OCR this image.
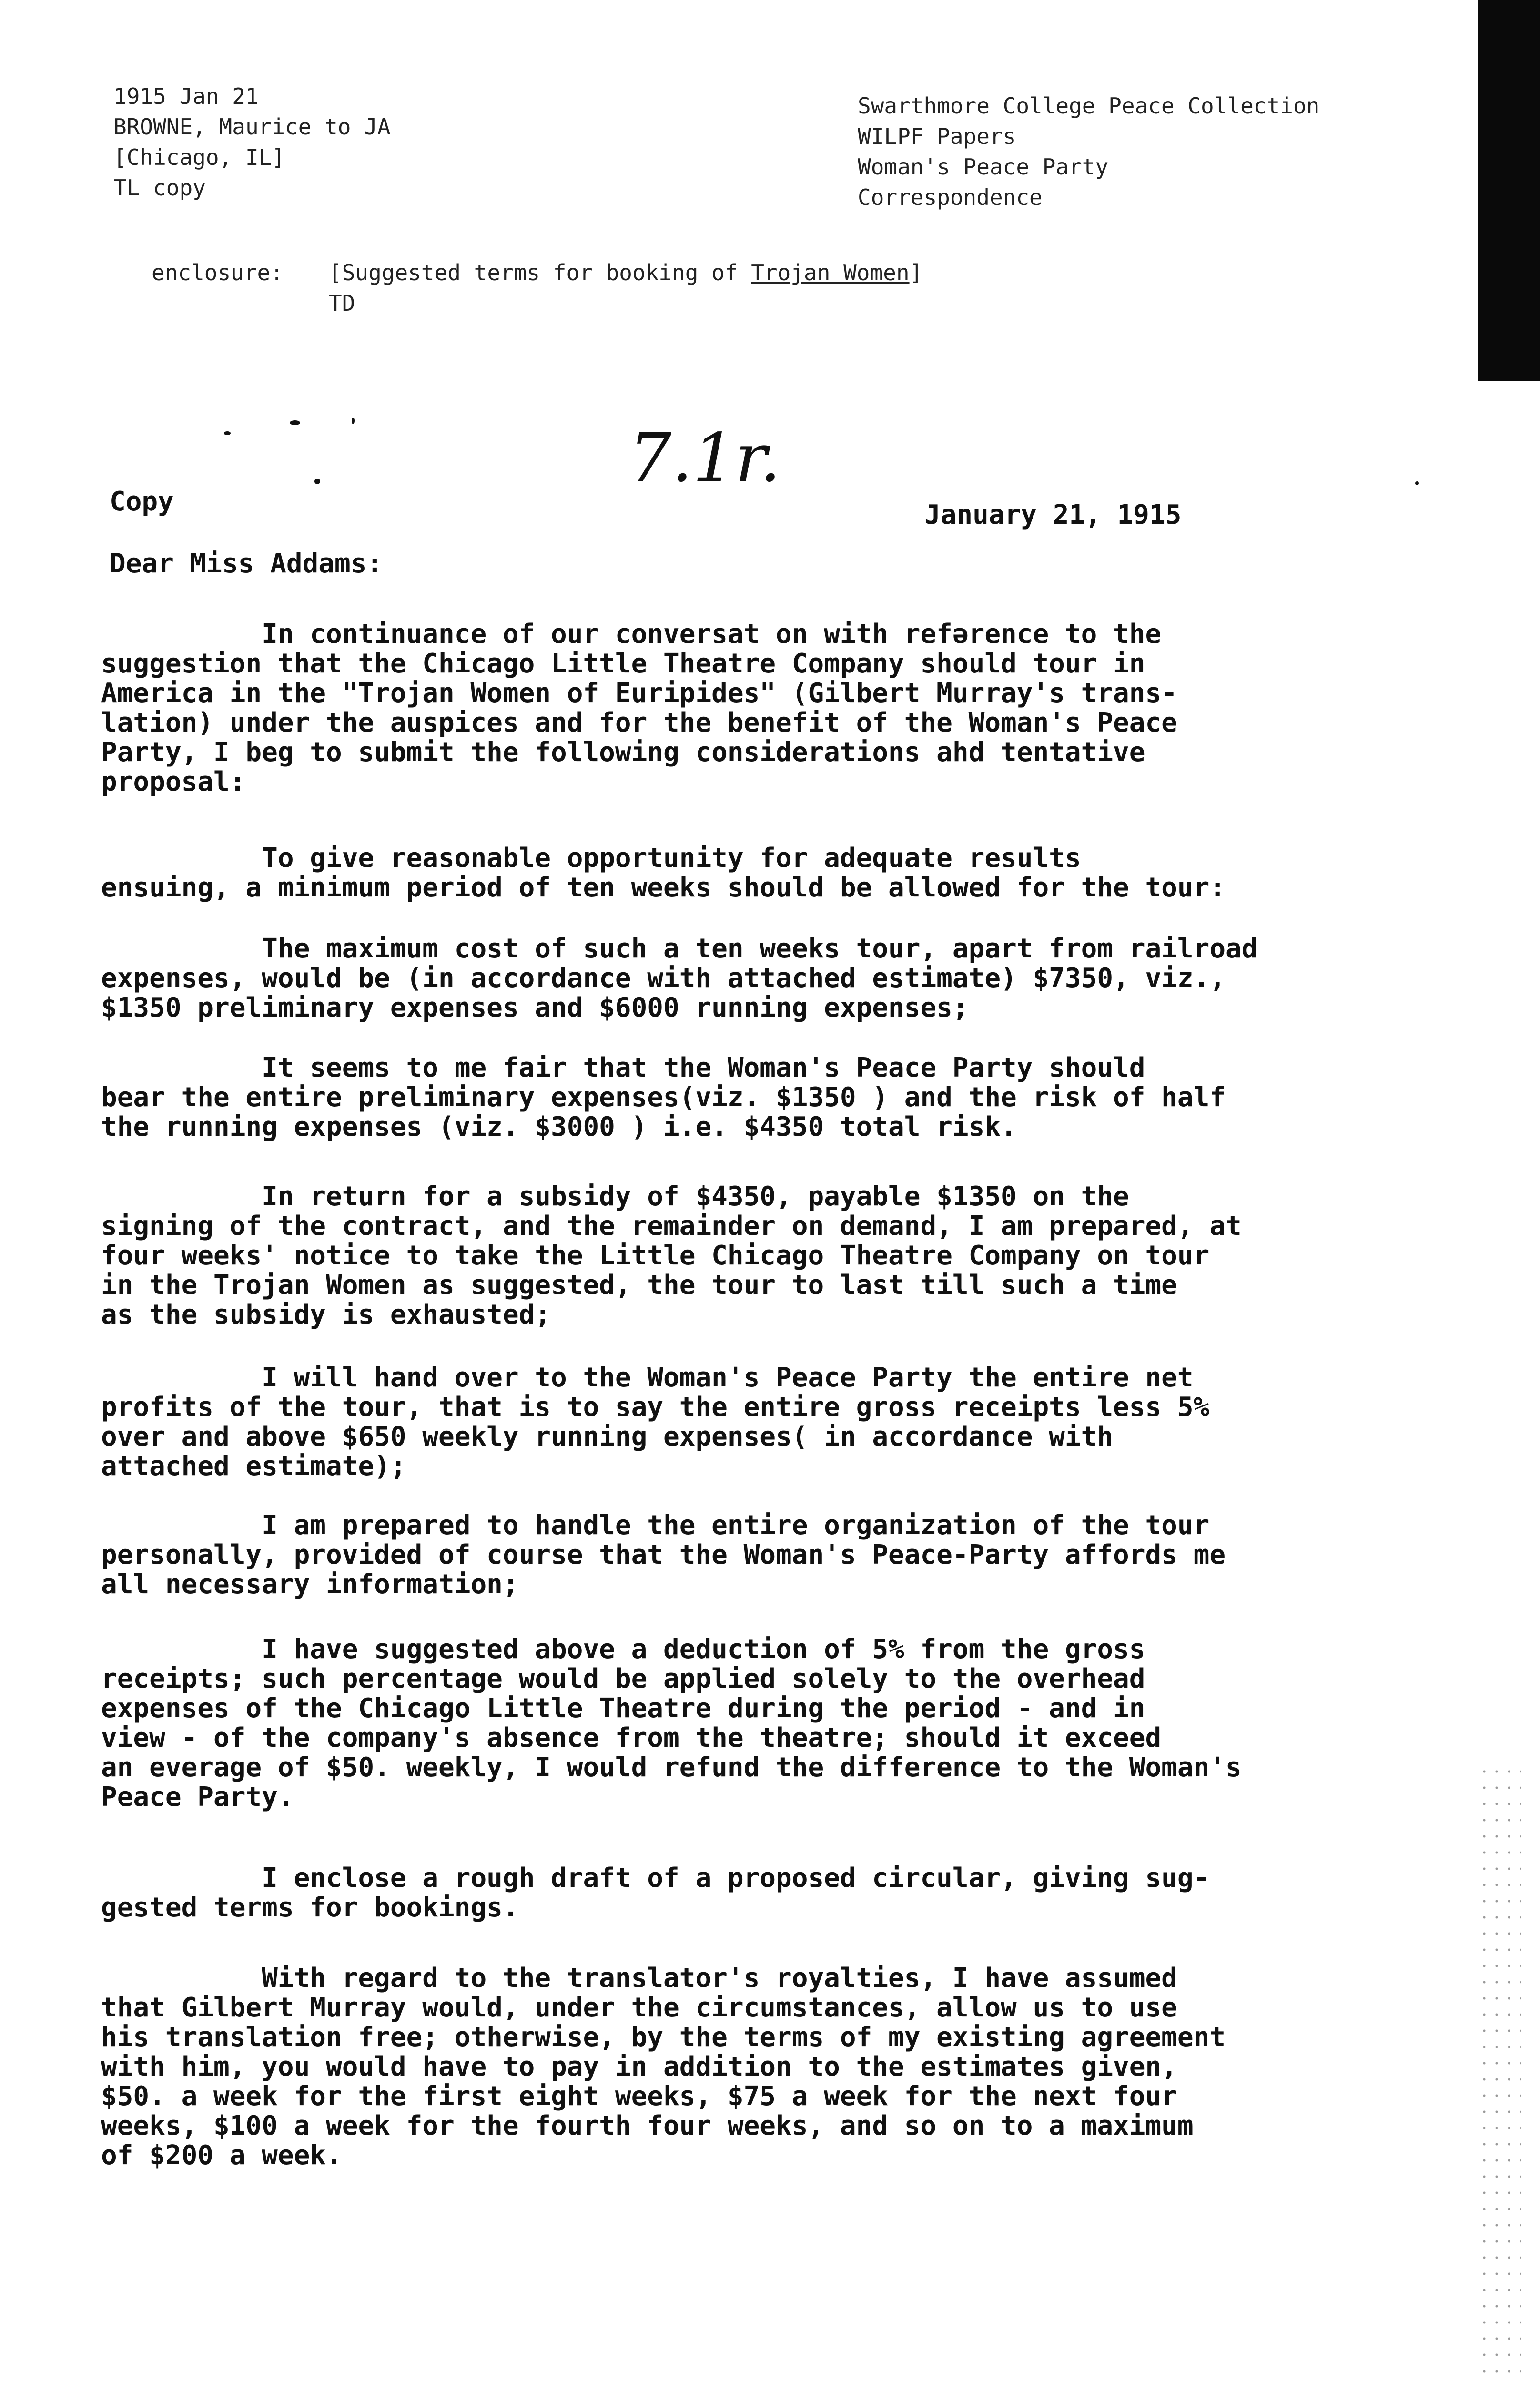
1915 Jan 21
BROWNE, Maurice to JA
[Chicago, IL]
TL copy
Swarthmore College Peace Collection
WILPF Papers
Woman's Peace Party
Correspondence
enclosure:	[Suggested terms for booking of Trojan Women]
TD
7.1r.
Copy	January 21, 1915
Dear Miss Addams:
In continuance of our conversat on with refərence to the
suggestion that the Chicago Little Theatre Company should tour in
America in the "Trojan Women of Euripides" (Gilbert Murray's trans-
lation) under the auspices and for the benefit of the Woman's Peace
Party, I beg to submit the following considerations ahd tentative
proposal:
To give reasonable opportunity for adequate results
ensuing, a minimum period of ten weeks should be allowed for the tour:
The maximum cost of such a ten weeks tour, apart from railroad
expenses, would be (in accordance with attached estimate) $7350, viz.,
$1350 preliminary expenses and $6000 running expenses;
It seems to me fair that the Woman's Peace Party should
bear the entire preliminary expenses(viz. $1350 ) and the risk of half
the running expenses (viz. $3000 ) i.e. $4350 total risk.
In return for a subsidy of $4350, payable $1350 on the
signing of the contract, and the remainder on demand, I am prepared, at
four weeks' notice to take the Little Chicago Theatre Company on tour
in the Trojan Women as suggested, the tour to last till such a time
as the subsidy is exhausted;
I will hand over to the Woman's Peace Party the entire net
profits of the tour, that is to say the entire gross receipts less 5%
over and above $650 weekly running expenses( in accordance with
attached estimate);
I am prepared to handle the entire organization of the tour
personally, provided of course that the Woman's Peace-Party affords me
all necessary information;
I have suggested above a deduction of 5% from the gross
receipts; such percentage would be applied solely to the overhead
expenses of the Chicago Little Theatre during the period - and in
view - of the company's absence from the theatre; should it exceed
an everage of $50. weekly, I would refund the difference to the Woman's
Peace Party.
I enclose a rough draft of a proposed circular, giving sug-
gested terms for bookings.
With regard to the translator's royalties, I have assumed
that Gilbert Murray would, under the circumstances, allow us to use
his translation free; otherwise, by the terms of my existing agreement
with him, you would have to pay in addition to the estimates given,
$50. a week for the first eight weeks, $75 a week for the next four
weeks, $100 a week for the fourth four weeks, and so on to a maximum
of $200 a week.
